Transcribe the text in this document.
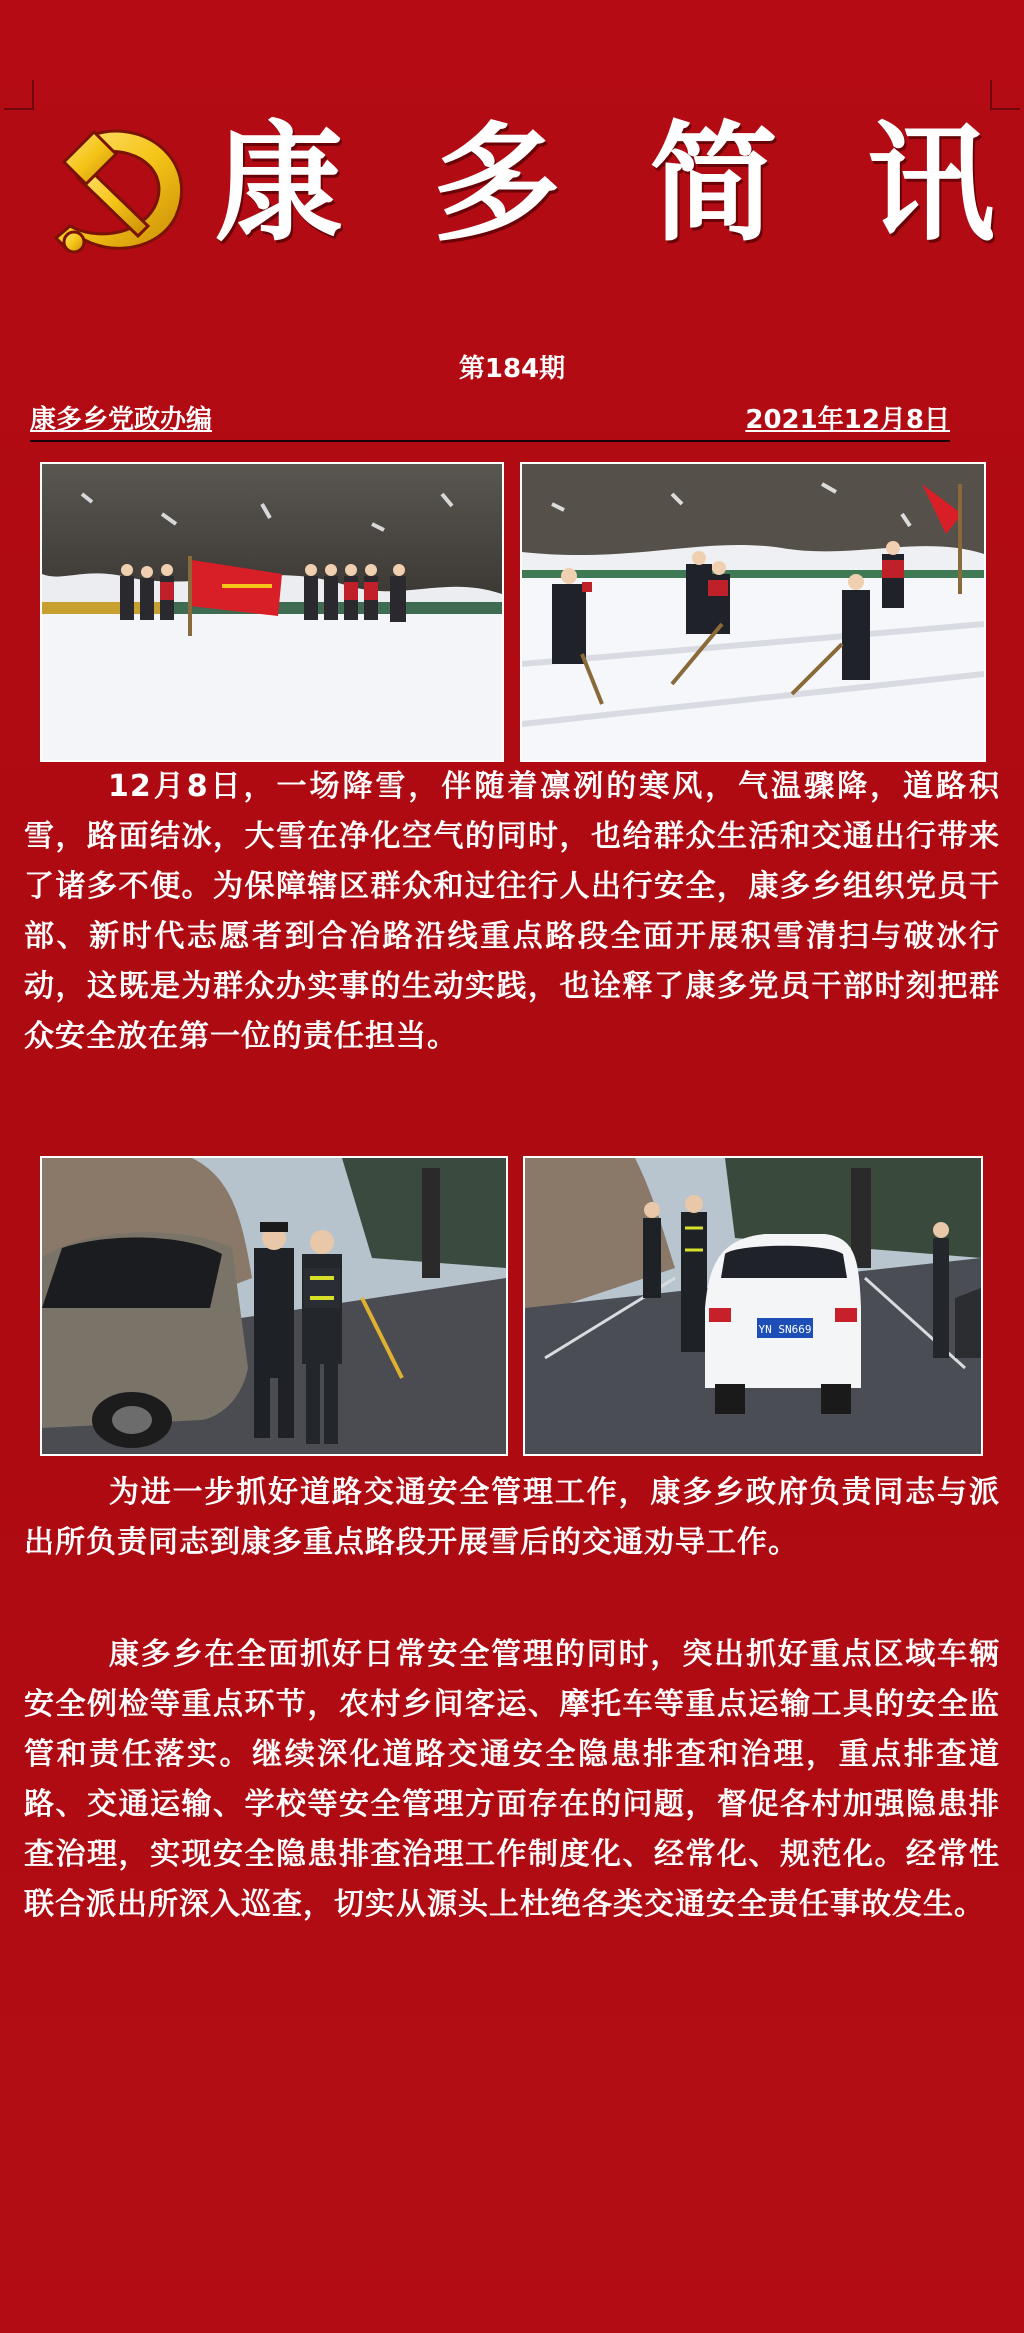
康 多 简 讯
第184期
康多乡党政办编	2021年12月8日

12月8日，一场降雪，伴随着凛冽的寒风，气温骤降，道路积雪，路面结冰，大雪在净化空气的同时，也给群众生活和交通出行带来了诸多不便。为保障辖区群众和过往行人出行安全，康多乡组织党员干部、新时代志愿者到合冶路沿线重点路段全面开展积雪清扫与破冰行动，这既是为群众办实事的生动实践，也诠释了康多党员干部时刻把群众安全放在第一位的责任担当。

YN SN669

为进一步抓好道路交通安全管理工作，康多乡政府负责同志与派出所负责同志到康多重点路段开展雪后的交通劝导工作。

康多乡在全面抓好日常安全管理的同时，突出抓好重点区域车辆安全例检等重点环节，农村乡间客运、摩托车等重点运输工具的安全监管和责任落实。继续深化道路交通安全隐患排查和治理，重点排查道路、交通运输、学校等安全管理方面存在的问题，督促各村加强隐患排查治理，实现安全隐患排查治理工作制度化、经常化、规范化。经常性联合派出所深入巡查，切实从源头上杜绝各类交通安全责任事故发生。
